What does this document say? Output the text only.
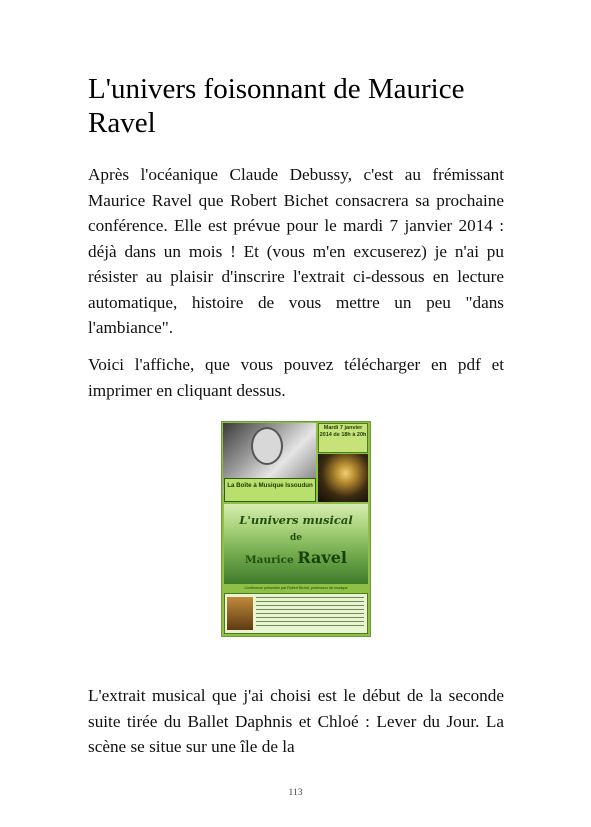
L'univers foisonnant de Maurice Ravel

Après l'océanique Claude Debussy, c'est au frémissant Maurice Ravel que Robert Bichet consacrera sa prochaine conférence. Elle est prévue pour le mardi 7 janvier 2014 : déjà dans un mois ! Et (vous m'en excuserez) je n'ai pu résister au plaisir d'inscrire l'extrait ci-dessous en lecture automatique, histoire de vous mettre un peu "dans l'ambiance".

Voici l'affiche, que vous pouvez télécharger en pdf et imprimer en cliquant dessus.

Mardi 7 janvier 2014 de 18h à 20h
La Boîte à Musique Issoudun
L'univers musical
de
Maurice Ravel
Conférence présentée par Robert Bichet, professeur de musique

L'extrait musical que j'ai choisi est le début de la seconde suite tirée du Ballet Daphnis et Chloé : Lever du Jour. La scène se situe sur une île de la

113
